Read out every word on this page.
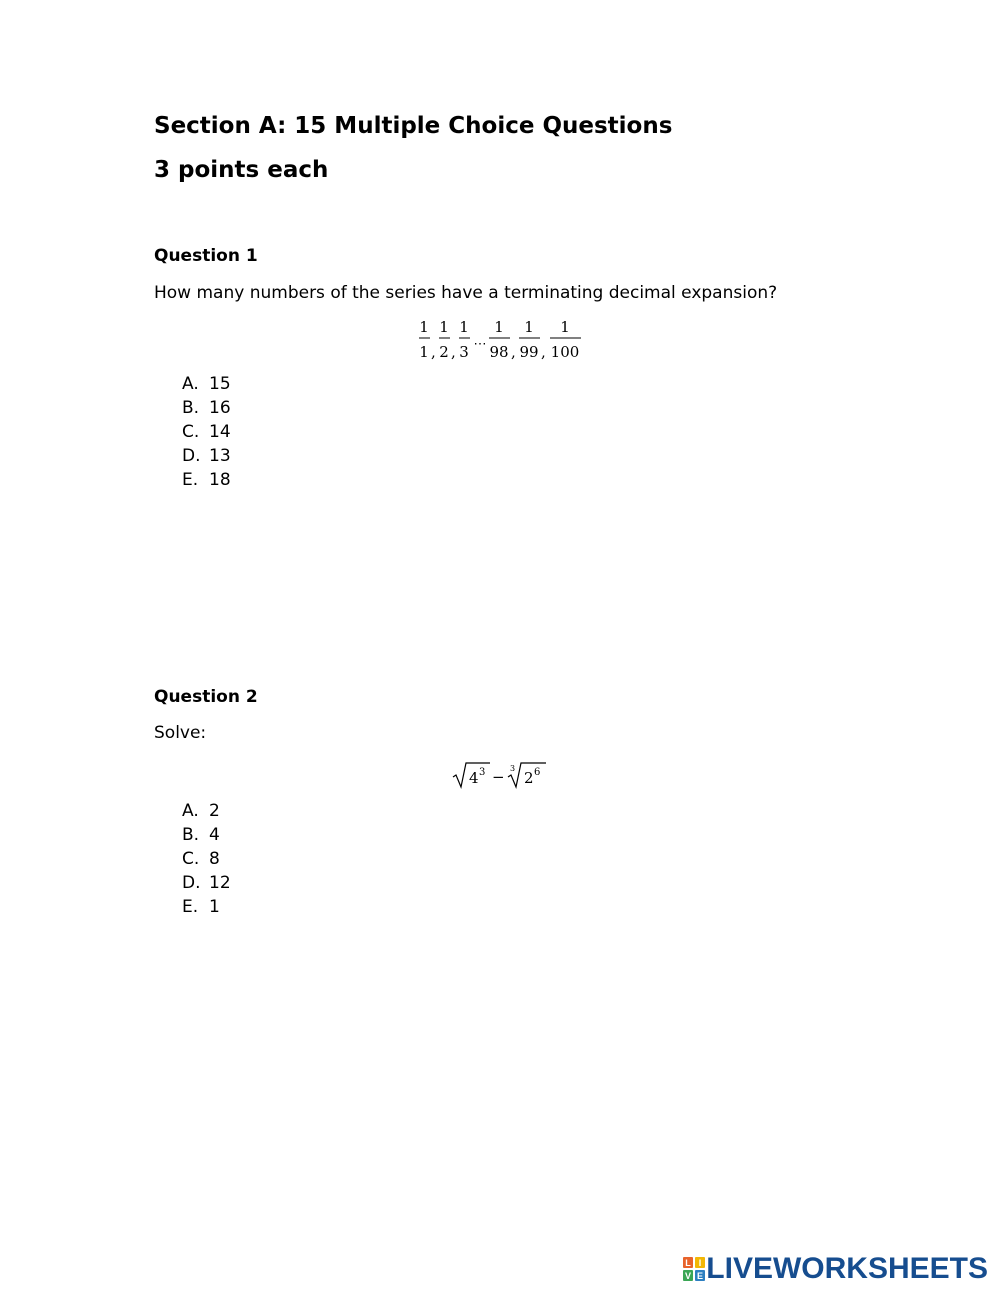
Section A: 15 Multiple Choice Questions
3 points each
Question 1
How many numbers of the series have a terminating decimal expansion?
1
1 ,
1
2 ,
1
3 ⋯
1
98 ,
1
99 ,
1
100
A. 15
B. 16
C. 14
D. 13
E. 18
Question 2
Solve:
4 3 − 3
2 6
A. 2
B. 4
C. 8
D. 12
E. 1
L I
V E LIVEWORKSHEETS
